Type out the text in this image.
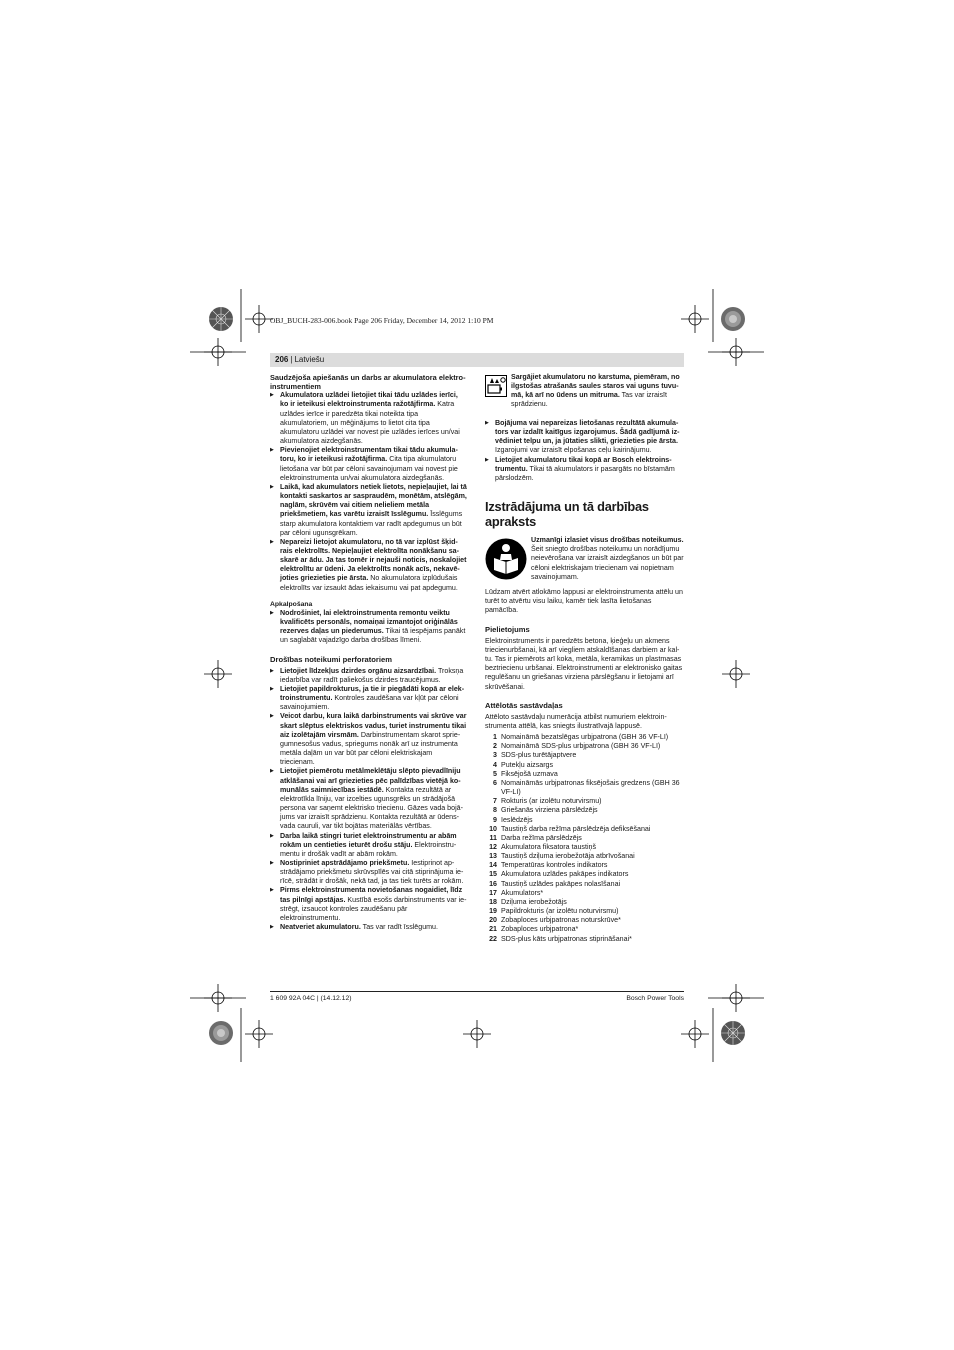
OBJ_BUCH-283-006.book Page 206 Friday, December 14, 2012 1:10 PM
206 | Latviešu

Saudzējoša apiešanās un darbs ar akumulatora elektroinstrumentiem

▶ Akumulatora uzlādei lietojiet tikai tādu uzlādes ierīci, ko ir ieteikusi elektroinstrumenta ražotājfirma. Katra uzlādes ierīce ir paredzēta tikai noteikta tipa akumulatoriem, un mēģinājums to lietot cita tipa akumulatoru uzlādei var novest pie uzlādes ierīces un/vai akumulatora aizdegšanās.

▶ Pievienojiet elektroinstrumentam tikai tādu akumulatoru, ko ir ieteikusi ražotājfirma. Cita tipa akumulatoru lietošana var būt par cēloni savainojumam vai novest pie elektroinstrumenta un/vai akumulatora aizdegšanās.

▶ Laikā, kad akumulators netiek lietots, nepieļaujiet, lai tā kontakti saskartos ar saspraudēm, monētām, atslēgām, naglām, skrūvēm vai citiem nelieliem metāla priekšmetiem, kas varētu izraisīt īsslēgumu. Īsslēgums starp akumulatora kontaktiem var radīt apdegumus un būt par cēloni ugunsgrēkam.

▶ Nepareizi lietojot akumulatoru, no tā var izplūst šķidrais elektrolīts. Nepieļaujiet elektrolīta nonākšanu saskarē ar ādu. Ja tas tomēr ir nejauši noticis, noskalojiet elektrolītu ar ūdeni. Ja elektrolīts nonāk acīs, nekavējoties griezieties pie ārsta. No akumulatora izplūdušais elektrolīts var izsaukt ādas iekaisumu vai pat apdegumu.

Apkalpošana

▶ Nodrošiniet, lai elektroinstrumenta remontu veiktu kvalificēts personāls, nomaiņai izmantojot oriģinālās rezerves daļas un piederumus. Tikai tā iespējams panākt un saglabāt vajadzīgo darba drošības līmeni.

Drošības noteikumi perforatoriem

▶ Lietojiet līdzekļus dzirdes orgānu aizsardzībai. Troksņa iedarbība var radīt paliekošus dzirdes traucējumus.

▶ Lietojiet papildrokturus, ja tie ir piegādāti kopā ar elektroinstrumentu. Kontroles zaudēšana var kļūt par cēloni savainojumiem.

▶ Veicot darbu, kura laikā darbinstruments vai skrūve var skart slēptus elektriskos vadus, turiet instrumentu tikai aiz izolētajām virsmām. Darbinstrumentam skarot spriegumnesošus vadus, spriegums nonāk arī uz instrumenta metāla daļām un var būt par cēloni elektriskajam triecienam.

▶ Lietojiet piemērotu metālmeklētāju slēpto pievadlīniju atklāšanai vai arī griezieties pēc palīdzības vietējā komunālās saimniecības iestādē. Kontakta rezultātā ar elektrotīkla līniju, var izcelties ugunsgrēks un strādājošā persona var saņemt elektrisko triecienu. Gāzes vada bojājums var izraisīt sprādzienu. Kontakta rezultātā ar ūdensvada cauruli, var tikt bojātas materiālās vērtības.

▶ Darba laikā stingri turiet elektroinstrumentu ar abām rokām un centieties ieturēt drošu stāju. Elektroinstrumentu ir drošāk vadīt ar abām rokām.

▶ Nostipriniet apstrādājamo priekšmetu. Iestiprinot apstrādājamo priekšmetu skrūvspīlēs vai citā stiprinājuma ierīcē, strādāt ir drošāk, nekā tad, ja tas tiek turēts ar rokām.

▶ Pirms elektroinstrumenta novietošanas nogaidiet, līdz tas pilnīgi apstājas. Kustībā esošs darbinstruments var iestrēgt, izsaucot kontroles zaudēšanu pār elektroinstrumentu.

▶ Neatveriet akumulatoru. Tas var radīt īsslēgumu.

Sargājiet akumulatoru no karstuma, piemēram, no ilgstošas atrašanās saules staros vai uguns tuvumā, kā arī no ūdens un mitruma. Tas var izraisīt sprādzienu.

▶ Bojājuma vai nepareizas lietošanas rezultātā akumulators var izdalīt kaitīgus izgarojumus. Šādā gadījumā izvēdiniet telpu un, ja jūtaties slikti, griezieties pie ārsta. Izgarojumi var izraisīt elpošanas ceļu kairinājumu.

▶ Lietojiet akumulatoru tikai kopā ar Bosch elektroinstrumentu. Tikai tā akumulators ir pasargāts no bīstamām pārslodzēm.

Izstrādājuma un tā darbības apraksts

Uzmanīgi izlasiet visus drošības noteikumus. Šeit sniegto drošības noteikumu un norādījumu neievērošana var izraisīt aizdegšanos un būt par cēloni elektriskajam triecienam vai nopietnam savainojumam.

Lūdzam atvērt atlokāmo lappusi ar elektroinstrumenta attēlu un turēt to atvērtu visu laiku, kamēr tiek lasīta lietošanas pamācība.

Pielietojums

Elektroinstruments ir paredzēts betona, ķieģeļu un akmens triecienurbšanai, kā arī viegliem atskaldīšanas darbiem ar kaltu. Tas ir piemērots arī koka, metāla, keramikas un plastmasas beztriecienu urbšanai. Elektroinstrumenti ar elektronisko gaitas regulēšanu un griešanas virziena pārslēgšanu ir lietojami arī skrūvēšanai.

Attēlotās sastāvdaļas

Attēloto sastāvdaļu numerācija atbilst numuriem elektroinstrumenta attēlā, kas sniegts ilustratīvajā lappusē.

1 Nomaināmā bezatslēgas urbjpatrona (GBH 36 VF-LI)
2 Nomaināmā SDS-plus urbjpatrona (GBH 36 VF-LI)
3 SDS-plus turētājaptvere
4 Putekļu aizsargs
5 Fiksējošā uzmava
6 Nomaināmās urbjpatronas fiksējošais gredzens (GBH 36 VF-LI)
7 Rokturis (ar izolētu noturvirsmu)
8 Griešanās virziena pārslēdzējs
9 Ieslēdzējs
10 Taustiņš darba režīma pārslēdzēja defiksēšanai
11 Darba režīma pārslēdzējs
12 Akumulatora fiksatora taustiņš
13 Taustiņš dziļuma ierobežotāja atbrīvošanai
14 Temperatūras kontroles indikators
15 Akumulatora uzlādes pakāpes indikators
16 Taustiņš uzlādes pakāpes nolasīšanai
17 Akumulators*
18 Dziļuma ierobežotājs
19 Papildrokturis (ar izolētu noturvirsmu)
20 Zobaploces urbjpatronas noturskrūve*
21 Zobaploces urbjpatrona*
22 SDS-plus kāts urbjpatronas stiprināšanai*
1 609 92A 04C | (14.12.12)	Bosch Power Tools
